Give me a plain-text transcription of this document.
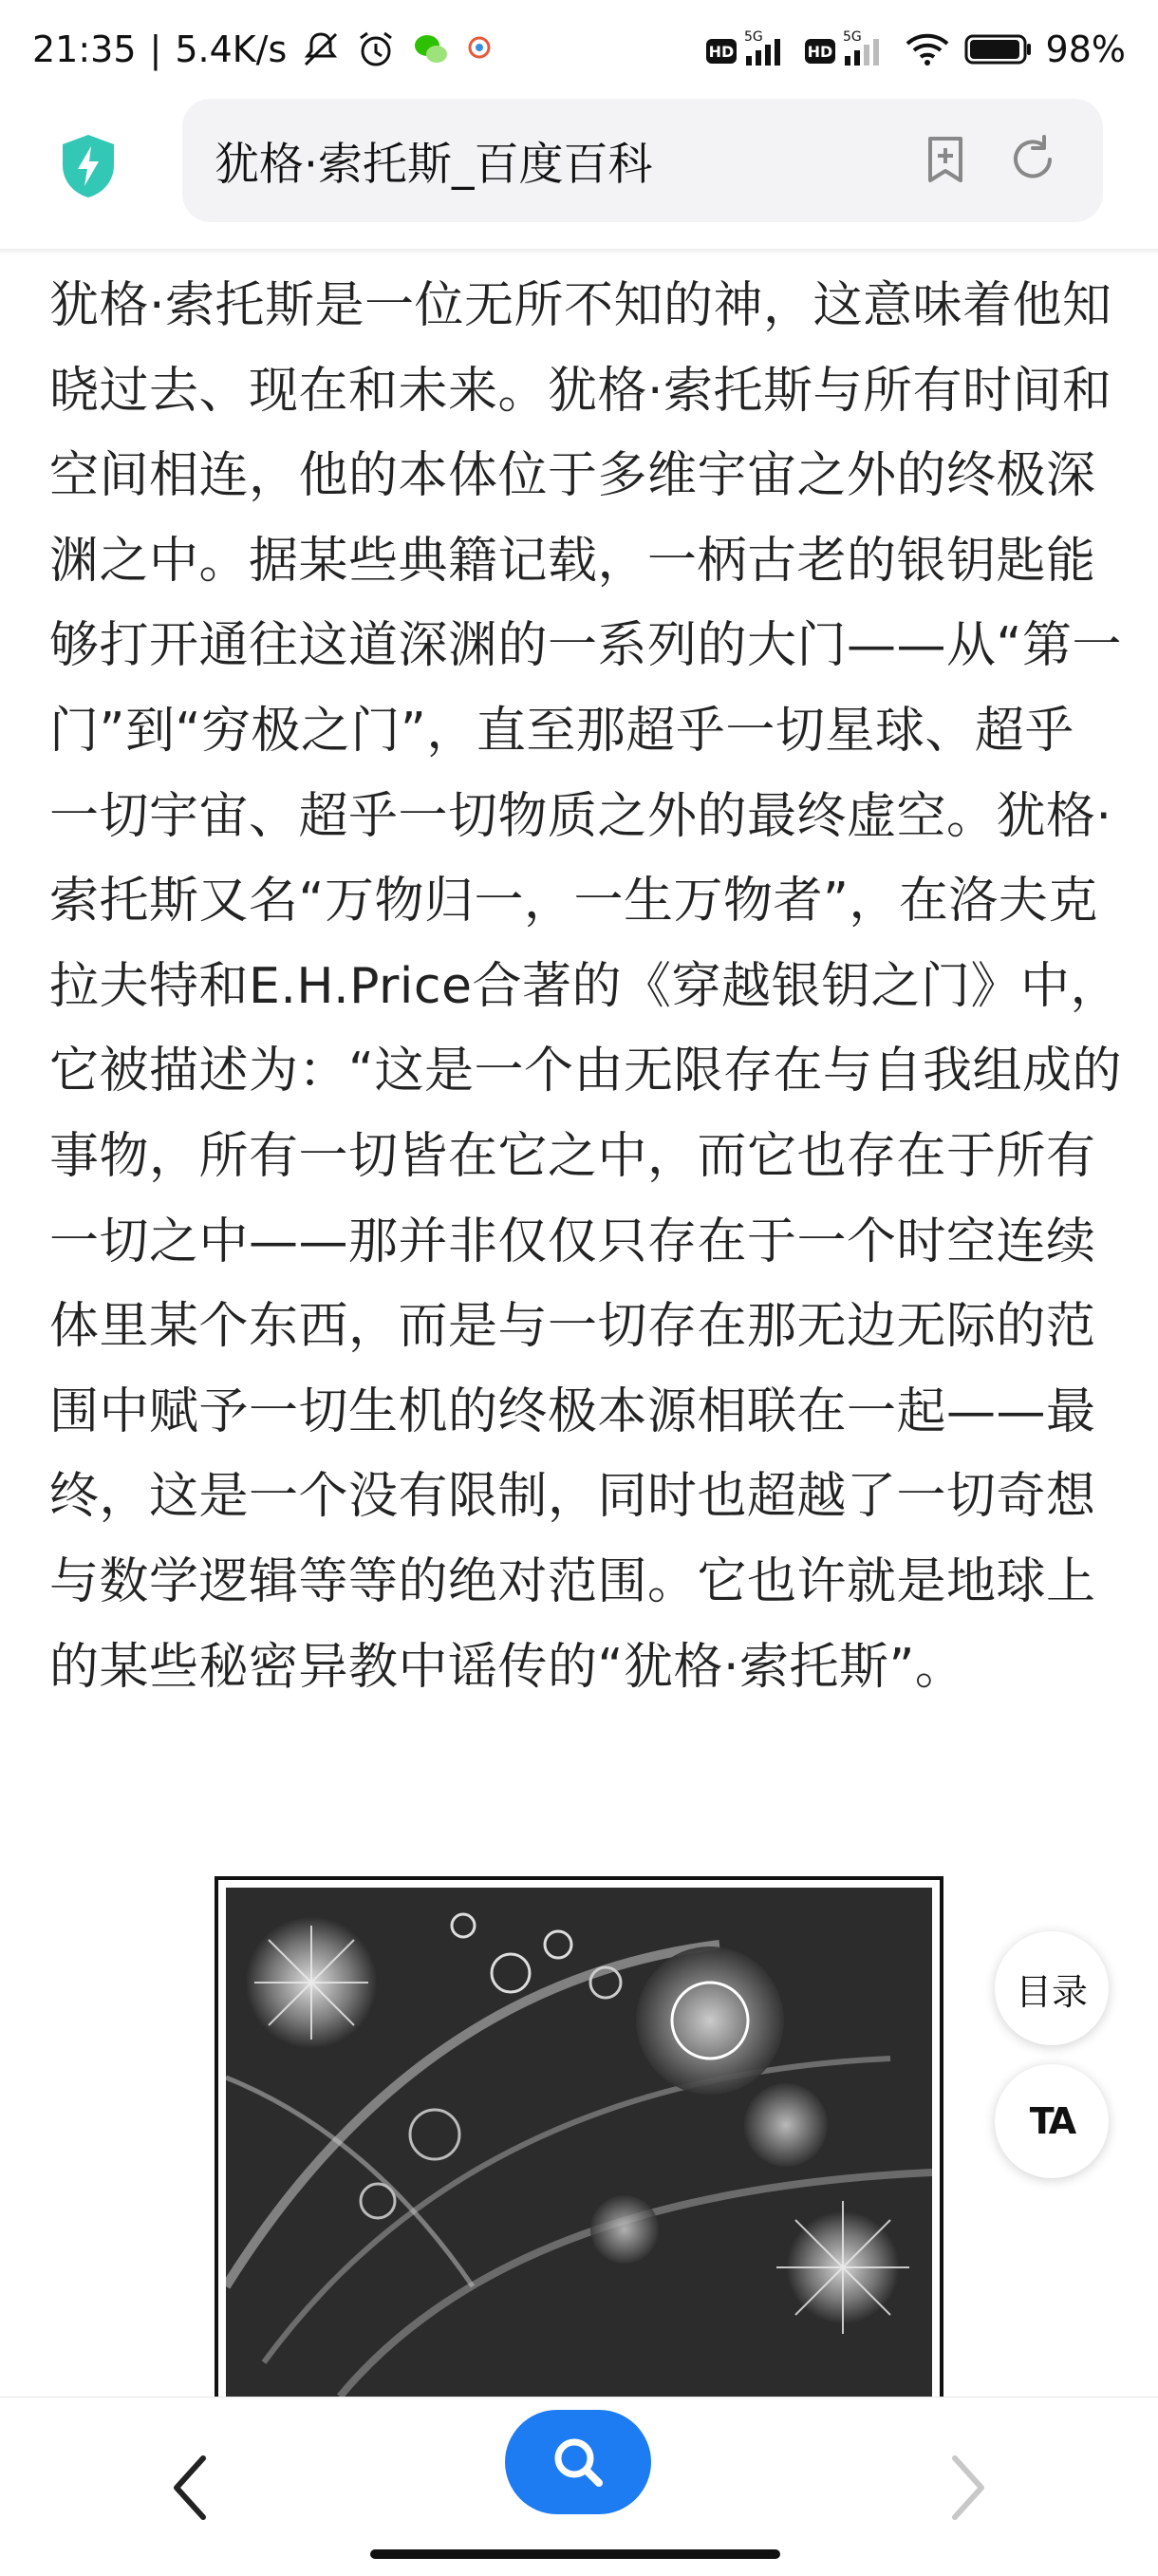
21:35 | 5.4K/s	HD
5G
HD
5G	98%
犹格·索托斯_百度百科

犹格·索托斯是一位无所不知的神，这意味着他知晓过去、现在和未来。犹格·索托斯与所有时间和空间相连，他的本体位于多维宇宙之外的终极深渊之中。据某些典籍记载，一柄古老的银钥匙能够打开通往这道深渊的一系列的大门——从“第一门”到“穷极之门”，直至那超乎一切星球、超乎一切宇宙、超乎一切物质之外的最终虚空。犹格·索托斯又名“万物归一，一生万物者”，在洛夫克拉夫特和E.H.Price合著的《穿越银钥之门》中，它被描述为：“这是一个由无限存在与自我组成的事物，所有一切皆在它之中，而它也存在于所有一切之中——那并非仅仅只存在于一个时空连续体里某个东西，而是与一切存在那无边无际的范围中赋予一切生机的终极本源相联在一起——最终，这是一个没有限制，同时也超越了一切奇想与数学逻辑等等的绝对范围。它也许就是地球上的某些秘密异教中谣传的“犹格·索托斯”。

目录
TA
